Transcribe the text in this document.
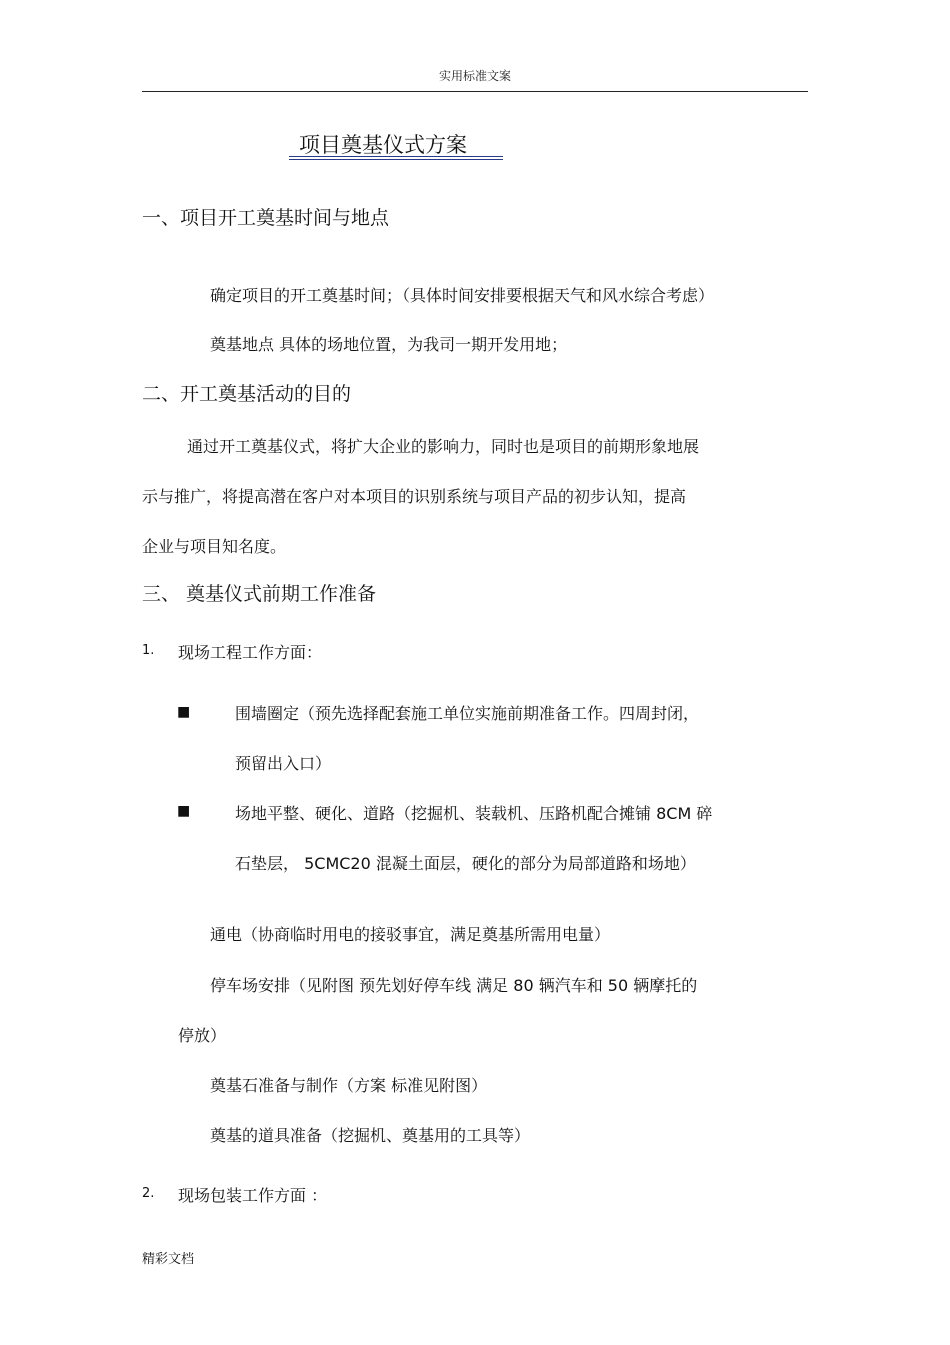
实用标准文案
项目奠基仪式方案
一、项目开工奠基时间与地点
确定项目的开工奠基时间；（具体时间安排要根据天气和风水综合考虑）
奠基地点 具体的场地位置，为我司一期开发用地；
二、开工奠基活动的目的
通过开工奠基仪式，将扩大企业的影响力，同时也是项目的前期形象地展
示与推广，将提高潜在客户对本项目的识别系统与项目产品的初步认知，提高
企业与项目知名度。
三、 奠基仪式前期工作准备
1. 现场工程工作方面：
■	围墙圈定（预先选择配套施工单位实施前期准备工作。四周封闭，
预留出入口）
■	场地平整、硬化、道路（挖掘机、装载机、压路机配合摊铺 8CM 碎
石垫层， 5CMC20 混凝土面层，硬化的部分为局部道路和场地）
通电（协商临时用电的接驳事宜，满足奠基所需用电量）
停车场安排（见附图 预先划好停车线 满足 80 辆汽车和 50 辆摩托的
停放）
奠基石准备与制作（方案 标准见附图）
奠基的道具准备（挖掘机、奠基用的工具等）
2. 现场包装工作方面 ：
精彩文档
